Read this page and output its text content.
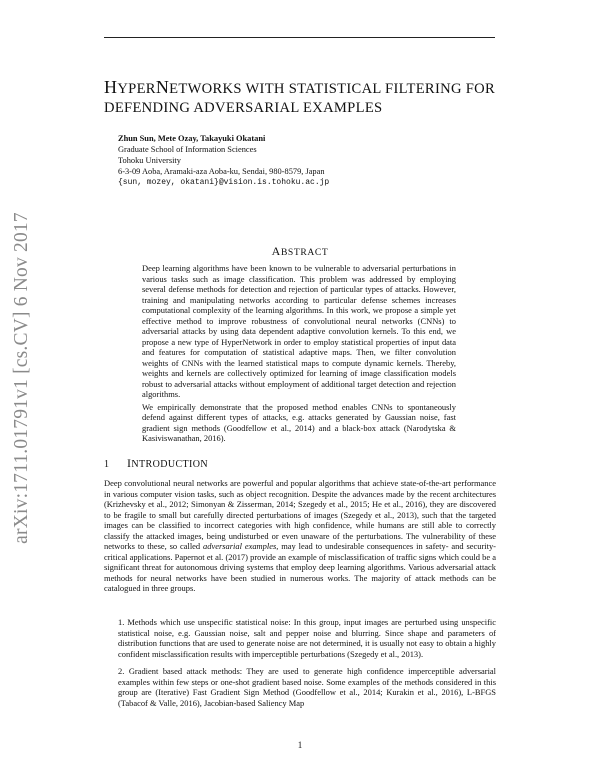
HYPERNETWORKS WITH STATISTICAL FILTERING FOR
DEFENDING ADVERSARIAL EXAMPLES
Zhun Sun, Mete Ozay, Takayuki Okatani
Graduate School of Information Sciences
Tohoku University
6-3-09 Aoba, Aramaki-aza Aoba-ku, Sendai, 980-8579, Japan
{sun, mozey, okatani}@vision.is.tohoku.ac.jp
arXiv:1711.01791v1 [cs.CV] 6 Nov 2017	ABSTRACT

Deep learning algorithms have been known to be vulnerable to adversarial perturbations in various tasks such as image classification. This problem was addressed by employing several defense methods for detection and rejection of particular types of attacks. However, training and manipulating networks according to particular defense schemes increases computational complexity of the learning algorithms. In this work, we propose a simple yet effective method to improve robustness of convolutional neural networks (CNNs) to adversarial attacks by using data dependent adaptive convolution kernels. To this end, we propose a new type of HyperNetwork in order to employ statistical properties of input data and features for computation of statistical adaptive maps. Then, we filter convolution weights of CNNs with the learned statistical maps to compute dynamic kernels. Thereby, weights and kernels are collectively optimized for learning of image classification models robust to adversarial attacks without employment of additional target detection and rejection algorithms.

We empirically demonstrate that the proposed method enables CNNs to spontaneously defend against different types of attacks, e.g. attacks generated by Gaussian noise, fast gradient sign methods (Goodfellow et al., 2014) and a black-box attack (Narodytska & Kasiviswanathan, 2016).

1 INTRODUCTION

Deep convolutional neural networks are powerful and popular algorithms that achieve state-of-the-art performance in various computer vision tasks, such as object recognition. Despite the advances made by the recent architectures (Krizhevsky et al., 2012; Simonyan & Zisserman, 2014; Szegedy et al., 2015; He et al., 2016), they are discovered to be fragile to small but carefully directed perturbations of images (Szegedy et al., 2013), such that the targeted images can be classified to incorrect categories with high confidence, while humans are still able to correctly classify the attacked images, being undisturbed or even unaware of the perturbations. The vulnerability of these networks to these, so called adversarial examples, may lead to undesirable consequences in safety- and security-critical applications. Papernot et al. (2017) provide an example of misclassification of traffic signs which could be a significant threat for autonomous driving systems that employ deep learning algorithms. Various adversarial attack methods for neural networks have been studied in numerous works. The majority of attack methods can be catalogued in three groups.

1. Methods which use unspecific statistical noise: In this group, input images are perturbed using unspecific statistical noise, e.g. Gaussian noise, salt and pepper noise and blurring. Since shape and parameters of distribution functions that are used to generate noise are not determined, it is usually not easy to obtain a highly confident misclassification results with imperceptible perturbations (Szegedy et al., 2013).
2. Gradient based attack methods: They are used to generate high confidence imperceptible adversarial examples within few steps or one-shot gradient based noise. Some examples of the methods considered in this group are (Iterative) Fast Gradient Sign Method (Goodfellow et al., 2014; Kurakin et al., 2016), L-BFGS (Tabacof & Valle, 2016), Jacobian-based Saliency Map
1
